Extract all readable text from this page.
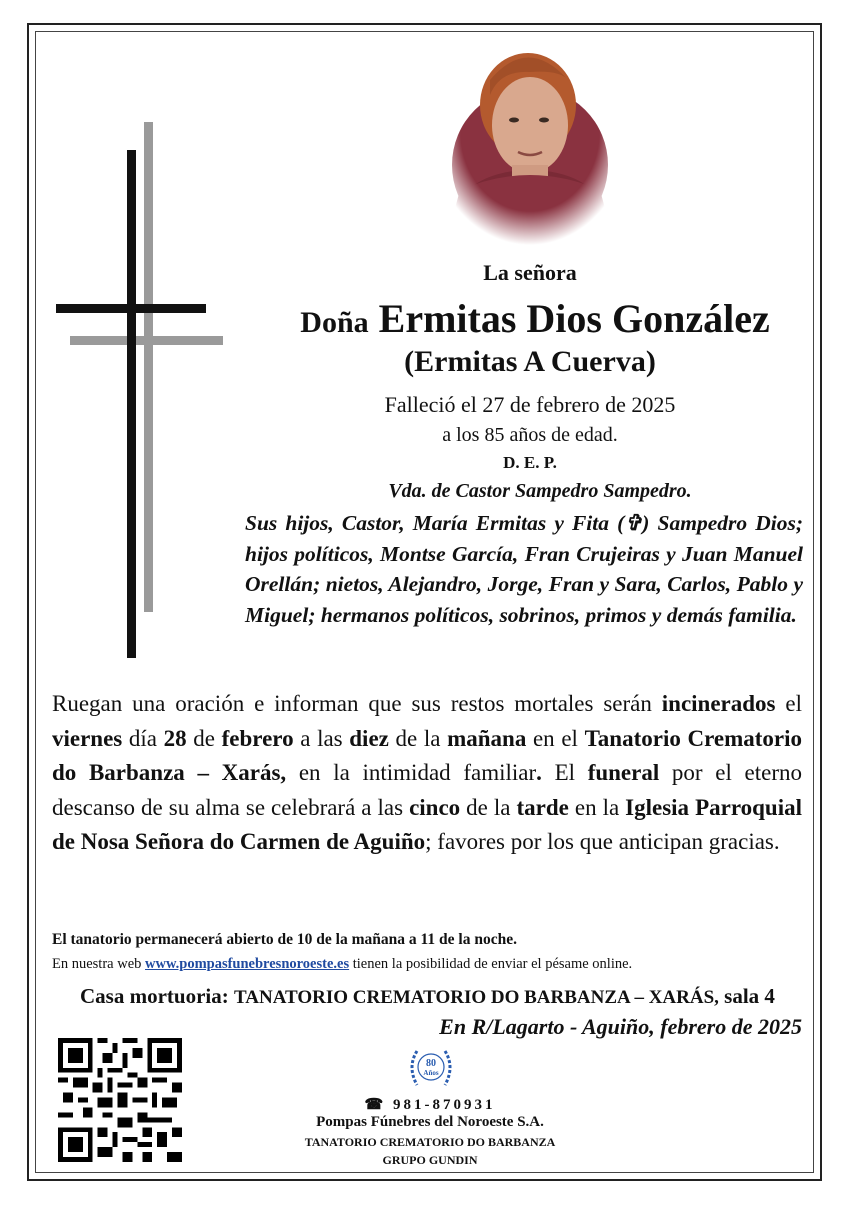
La señora
Doña Ermitas Dios González
(Ermitas A Cuerva)
Falleció el 27 de febrero de 2025
a los 85 años de edad.
D. E. P.
Vda. de Castor Sampedro Sampedro.
Sus hijos, Castor, María Ermitas y Fita (✞) Sampedro Dios; hijos políticos, Montse García, Fran Crujeiras y Juan Manuel Orellán; nietos, Alejandro, Jorge, Fran y Sara, Carlos, Pablo y Miguel; hermanos políticos, sobrinos, primos y demás familia.
Ruegan una oración e informan que sus restos mortales serán incinerados el viernes día 28 de febrero a las diez de la mañana en el Tanatorio Crematorio do Barbanza – Xarás, en la intimidad familiar. El funeral por el eterno descanso de su alma se celebrará a las cinco de la tarde en la Iglesia Parroquial de Nosa Señora do Carmen de Aguiño; favores por los que anticipan gracias.
El tanatorio permanecerá abierto de 10 de la mañana a 11 de la noche.
En nuestra web www.pompasfunebresnoroeste.es tienen la posibilidad de enviar el pésame online.
Casa mortuoria: TANATORIO CREMATORIO DO BARBANZA – XARÁS, sala 4
En R/Lagarto - Aguiño, febrero de 2025
80
Años
☎ 981-870931
Pompas Fúnebres del Noroeste S.A.
TANATORIO CREMATORIO DO BARBANZA
GRUPO GUNDIN
